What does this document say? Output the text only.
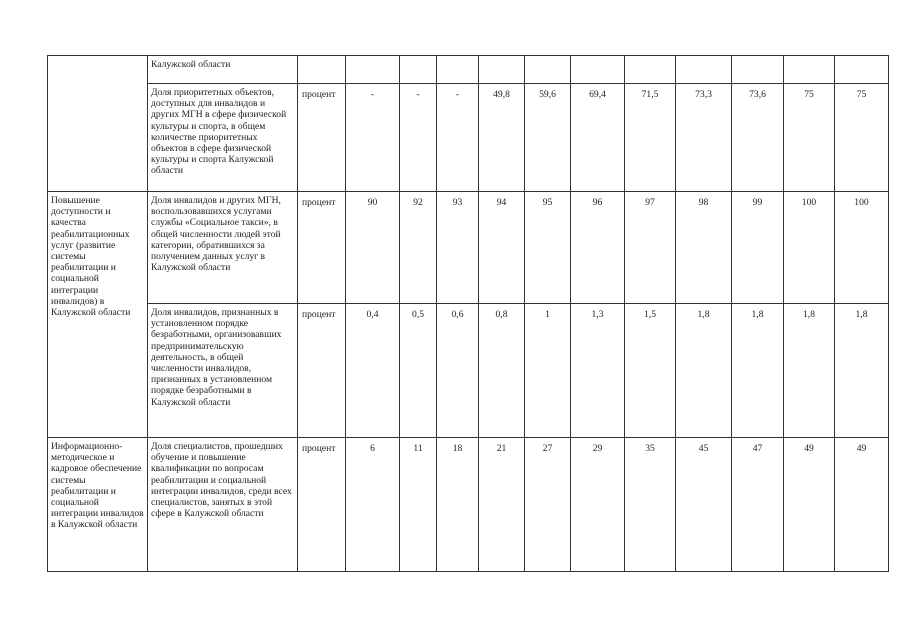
	Калужской области												

	Доля приоритетных объектов, доступных для инвалидов и других МГН в сфере физической культуры и спорта, в общем количестве приоритетных объектов в сфере физической культуры и спорта Калужской области	процент	-	-	-	49,8	59,6	69,4	71,5	73,3	73,6	75	75

Повышение доступности и качества реабилитационных услуг (развитие системы реабилитации и социальной интеграции инвалидов) в Калужской области	Доля инвалидов и других МГН, воспользовавшихся услугами службы «Социальное такси», в общей численности людей этой категории, обратившихся за получением данных услуг в Калужской области	процент	90	92	93	94	95	96	97	98	99	100	100

	Доля инвалидов, признанных в установленном порядке безработными, организовавших предпринимательскую деятельность, в общей численности инвалидов, признанных в установленном порядке безработными в Калужской области	процент	0,4	0,5	0,6	0,8	1	1,3	1,5	1,8	1,8	1,8	1,8

Информационно-методическое и кадровое обеспечение системы реабилитации и социальной интеграции инвалидов в Калужской области	Доля специалистов, прошедших обучение и повышение квалификации по вопросам реабилитации и социальной интеграции инвалидов, среди всех специалистов, занятых в этой сфере в Калужской области	процент	6	11	18	21	27	29	35	45	47	49	49
